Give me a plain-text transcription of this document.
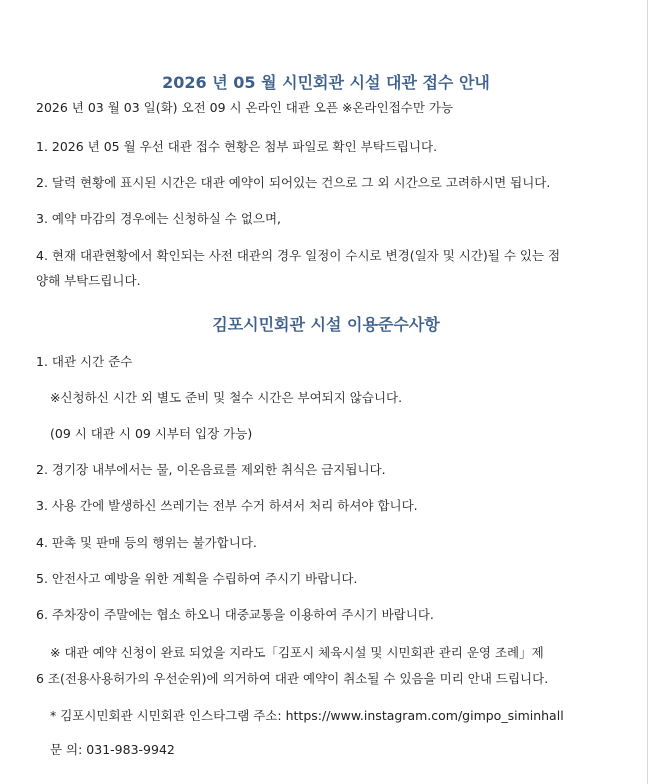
2026 년 05 월 시민회관 시설 대관 접수 안내
2026 년 03 월 03 일(화) 오전 09 시 온라인 대관 오픈 ※온라인접수만 가능
1. 2026 년 05 월 우선 대관 접수 현황은 첨부 파일로 확인 부탁드립니다.
2. 달력 현황에 표시된 시간은 대관 예약이 되어있는 건으로 그 외 시간으로 고려하시면 됩니다.
3. 예약 마감의 경우에는 신청하실 수 없으며,
4. 현재 대관현황에서 확인되는 사전 대관의 경우 일정이 수시로 변경(일자 및 시간)될 수 있는 점
양해 부탁드립니다.
김포시민회관 시설 이용준수사항
1. 대관 시간 준수
※신청하신 시간 외 별도 준비 및 철수 시간은 부여되지 않습니다.
(09 시 대관 시 09 시부터 입장 가능)
2. 경기장 내부에서는 물, 이온음료를 제외한 취식은 금지됩니다.
3. 사용 간에 발생하신 쓰레기는 전부 수거 하셔서 처리 하셔야 합니다.
4. 판촉 및 판매 등의 행위는 불가합니다.
5. 안전사고 예방을 위한 계획을 수립하여 주시기 바랍니다.
6. 주차장이 주말에는 협소 하오니 대중교통을 이용하여 주시기 바랍니다.
※ 대관 예약 신청이 완료 되었을 지라도「김포시 체육시설 및 시민회관 관리 운영 조례」제
6 조(전용사용허가의 우선순위)에 의거하여 대관 예약이 취소될 수 있음을 미리 안내 드립니다.
* 김포시민회관 시민회관 인스타그램 주소: https://www.instagram.com/gimpo_siminhall
문 의: 031-983-9942
